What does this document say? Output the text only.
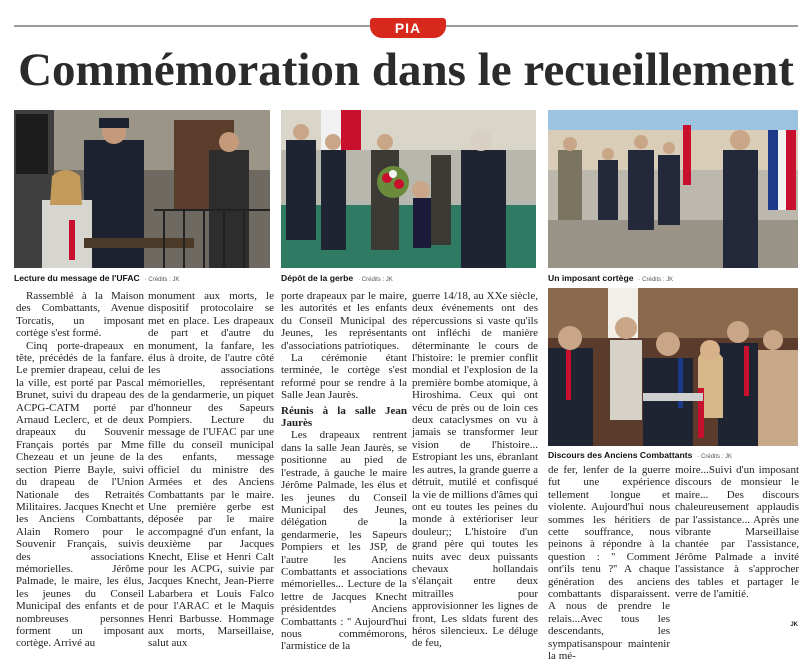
PIA
Commémoration dans le recueillement
Lecture du message de l'UFAC · Crédits : JK	Dépôt de la gerbe · Crédits : JK	Un imposant cortège · Crédits : JK
Discours des Anciens Combattants · Crédits : JK

Rassemblé à la Maison des Combattants, Avenue Torcatis, un imposant cortège s'est formé.

Cinq porte-drapeaux en tête, précédés de la fanfare. Le premier drapeau, celui de la ville, est porté par Pascal Brunet, suivi du drapeau des ACPG-CATM porté par Arnaud Leclerc, et de deux drapeaux du Souvenir Français portés par Mme Chezeau et un jeune de la section Pierre Bayle, suivi du drapeau de l'Union Nationale des Retraités Militaires. Jacques Knecht et les Anciens Combattants, Alain Romero pour le Souvenir Français, suivis des associations mémorielles. Jérôme Palmade, le maire, les élus, les jeunes du Conseil Municipal des enfants et de nombreuses personnes forment un imposant cortège. Arrivé au

monument aux morts, le dispositif protocolaire se met en place. Les drapeaux de part et d'autre du monument, la fanfare, les élus à droite, de l'autre côté les associations mémorielles, représentant de la gendarmerie, un piquet d'honneur des Sapeurs Pompiers. Lecture du message de l'UFAC par une fille du conseil municipal des enfants, message officiel du ministre des Armées et des Anciens Combattants par le maire. Une première gerbe est déposée par le maire accompagné d'un enfant, la deuxième par Jacques Knecht, Elise et Henri Calt pour les ACPG, suivie par Jacques Knecht, Jean-Pierre Labarbera et Louis Falco pour l'ARAC et le Maquis Henri Barbusse. Hommage aux morts, Marseillaise, salut aux

porte drapeaux par le maire, les autorités et les enfants du Conseil Municipal des Jeunes, les représentants d'associations patriotiques.

La cérémonie étant terminée, le cortège s'est reformé pour se rendre à la Salle Jean Jaurès.

Réunis à la salle Jean Jaurès

Les drapeaux rentrent dans la salle Jean Jaurès, se positionne au pied de l'estrade, à gauche le maire Jérôme Palmade, les élus et les jeunes du Conseil Municipal des Jeunes, délégation de la gendarmerie, les Sapeurs Pompiers et les JSP, de l'autre les Anciens Combattants et associations mémorielles... Lecture de la lettre de Jacques Knecht présidentdes Anciens Combattants : '' Aujourd'hui nous commémorons, l'armistice de la

guerre 14/18, au XXe siècle, deux événements ont des répercussions si vaste qu'ils ont infléchi de manière déterminante le cours de l'histoire: le premier conflit mondial et l'explosion de la première bombe atomique, à Hiroshima. Ceux qui ont vécu de près ou de loin ces deux cataclysmes on vu à jamais se transformer leur vision de l'histoire... Estropiant les uns, ébranlant les autres, la grande guerre a détruit, mutilé et confisqué la vie de millions d'âmes qui ont eu toutes les peines du monde à extérioriser leur douleur;; L'histoire d'un grand père qui toutes les nuits avec deux puissants chevaux hollandais s'élançait entre deux mitrailles pour approvisionner les lignes de front, Les sldats furent des héros silencieux. Le déluge de feu,

de fer, lenfer de la guerre fut une expérience tellement longue et violente. Aujourd'hui nous sommes les héritiers de cette souffrance, nous peinons à répondre à la question : '' Comment ont'ils tenu ?'' A chaque génération des anciens combattants disparaissent. A nous de prendre le relais...Avec tous les descendants, les sympatisanspour maintenir la mé-

moire...Suivi d'un imposant discours de monsieur le maire... Des discours chaleureusement applaudis par l'assistance... Après une vibrante Marseillaise chantée par l'assistance, Jérôme Palmade a invité l'assistance à s'approcher des tables et partager le verre de l'amitié.

JK
